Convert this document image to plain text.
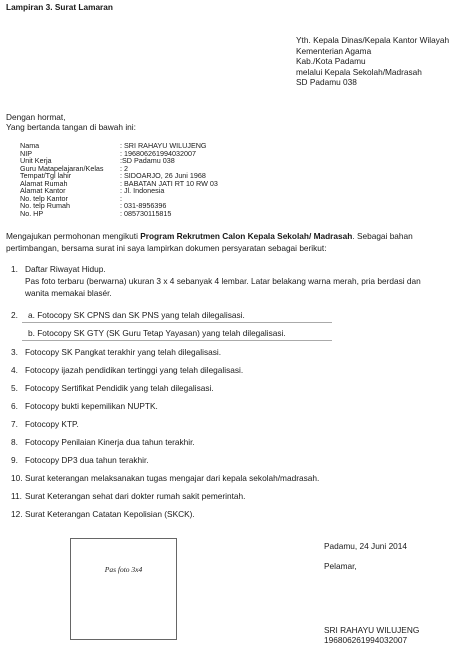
Lampiran 3. Surat Lamaran
Yth. Kepala Dinas/Kepala Kantor Wilayah
Kementerian Agama
Kab./Kota Padamu
melalui Kepala Sekolah/Madrasah
SD Padamu 038
Dengan hormat,
Yang bertanda tangan di bawah ini:
Nama	: SRI RAHAYU WILUJENG
NIP	: 196806261994032007
Unit Kerja	:SD Padamu 038
Guru Matapelajaran/Kelas	: 2
Tempat/Tgl lahir	: SIDOARJO, 26 Juni 1968
Alamat Rumah	: BABATAN JATI RT 10 RW 03
Alamat Kantor	: Jl. Indonesia
No. telp Kantor	:
No. telp Rumah	: 031-8956396
No. HP	: 085730115815
Mengajukan permohonan mengikuti Program Rekrutmen Calon Kepala Sekolah/ Madrasah. Sebagai bahan pertimbangan, bersama surat ini saya lampirkan dokumen persyaratan sebagai berikut:
1. Daftar Riwayat Hidup.
Pas foto terbaru (berwarna) ukuran 3 x 4 sebanyak 4 lembar. Latar belakang warna merah, pria berdasi dan
wanita memakai blasér.
2. a. Fotocopy SK CPNS dan SK PNS yang telah dilegalisasi.
b. Fotocopy SK GTY (SK Guru Tetap Yayasan) yang telah dilegalisasi.
3. Fotocopy SK Pangkat terakhir yang telah dilegalisasi.
4. Fotocopy ijazah pendidikan tertinggi yang telah dilegalisasi.
5. Fotocopy Sertifikat Pendidik yang telah dilegalisasi.
6. Fotocopy bukti kepemilikan NUPTK.
7. Fotocopy KTP.
8. Fotocopy Penilaian Kinerja dua tahun terakhir.
9. Fotocopy DP3 dua tahun terakhir.
10. Surat keterangan melaksanakan tugas mengajar dari kepala sekolah/madrasah.
11. Surat Keterangan sehat dari dokter rumah sakit pemerintah.
12. Surat Keterangan Catatan Kepolisian (SKCK).
Pas foto 3x4
Padamu, 24 Juni 2014
Pelamar,
SRI RAHAYU WILUJENG
196806261994032007
